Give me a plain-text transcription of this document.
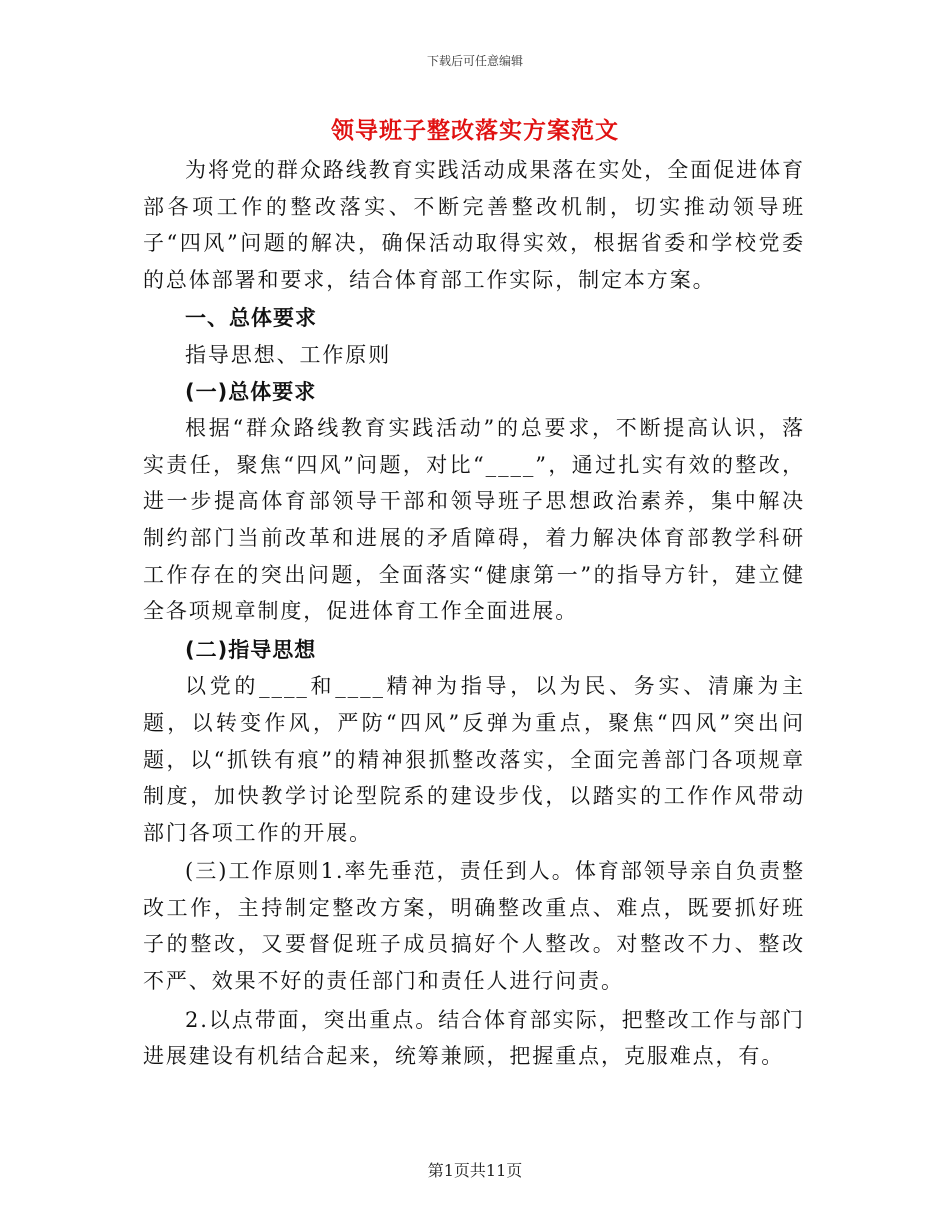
下载后可任意编辑
领导班子整改落实方案范文

为将党的群众路线教育实践活动成果落在实处，全面促进体育部各项工作的整改落实、不断完善整改机制，切实推动领导班子“四风”问题的解决，确保活动取得实效，根据省委和学校党委的总体部署和要求，结合体育部工作实际，制定本方案。

一、总体要求

指导思想、工作原则

(一)总体要求

根据“群众路线教育实践活动”的总要求，不断提高认识，落实责任，聚焦“四风”问题，对比“____”，通过扎实有效的整改，进一步提高体育部领导干部和领导班子思想政治素养，集中解决制约部门当前改革和进展的矛盾障碍，着力解决体育部教学科研工作存在的突出问题，全面落实“健康第一”的指导方针，建立健全各项规章制度，促进体育工作全面进展。

(二)指导思想

以党的____和____精神为指导，以为民、务实、清廉为主题，以转变作风，严防“四风”反弹为重点，聚焦“四风”突出问题，以“抓铁有痕”的精神狠抓整改落实，全面完善部门各项规章制度，加快教学讨论型院系的建设步伐，以踏实的工作作风带动部门各项工作的开展。

(三)工作原则1.率先垂范，责任到人。体育部领导亲自负责整改工作，主持制定整改方案，明确整改重点、难点，既要抓好班子的整改，又要督促班子成员搞好个人整改。对整改不力、整改不严、效果不好的责任部门和责任人进行问责。

2.以点带面，突出重点。结合体育部实际，把整改工作与部门进展建设有机结合起来，统筹兼顾，把握重点，克服难点，有。

第1页共11页
